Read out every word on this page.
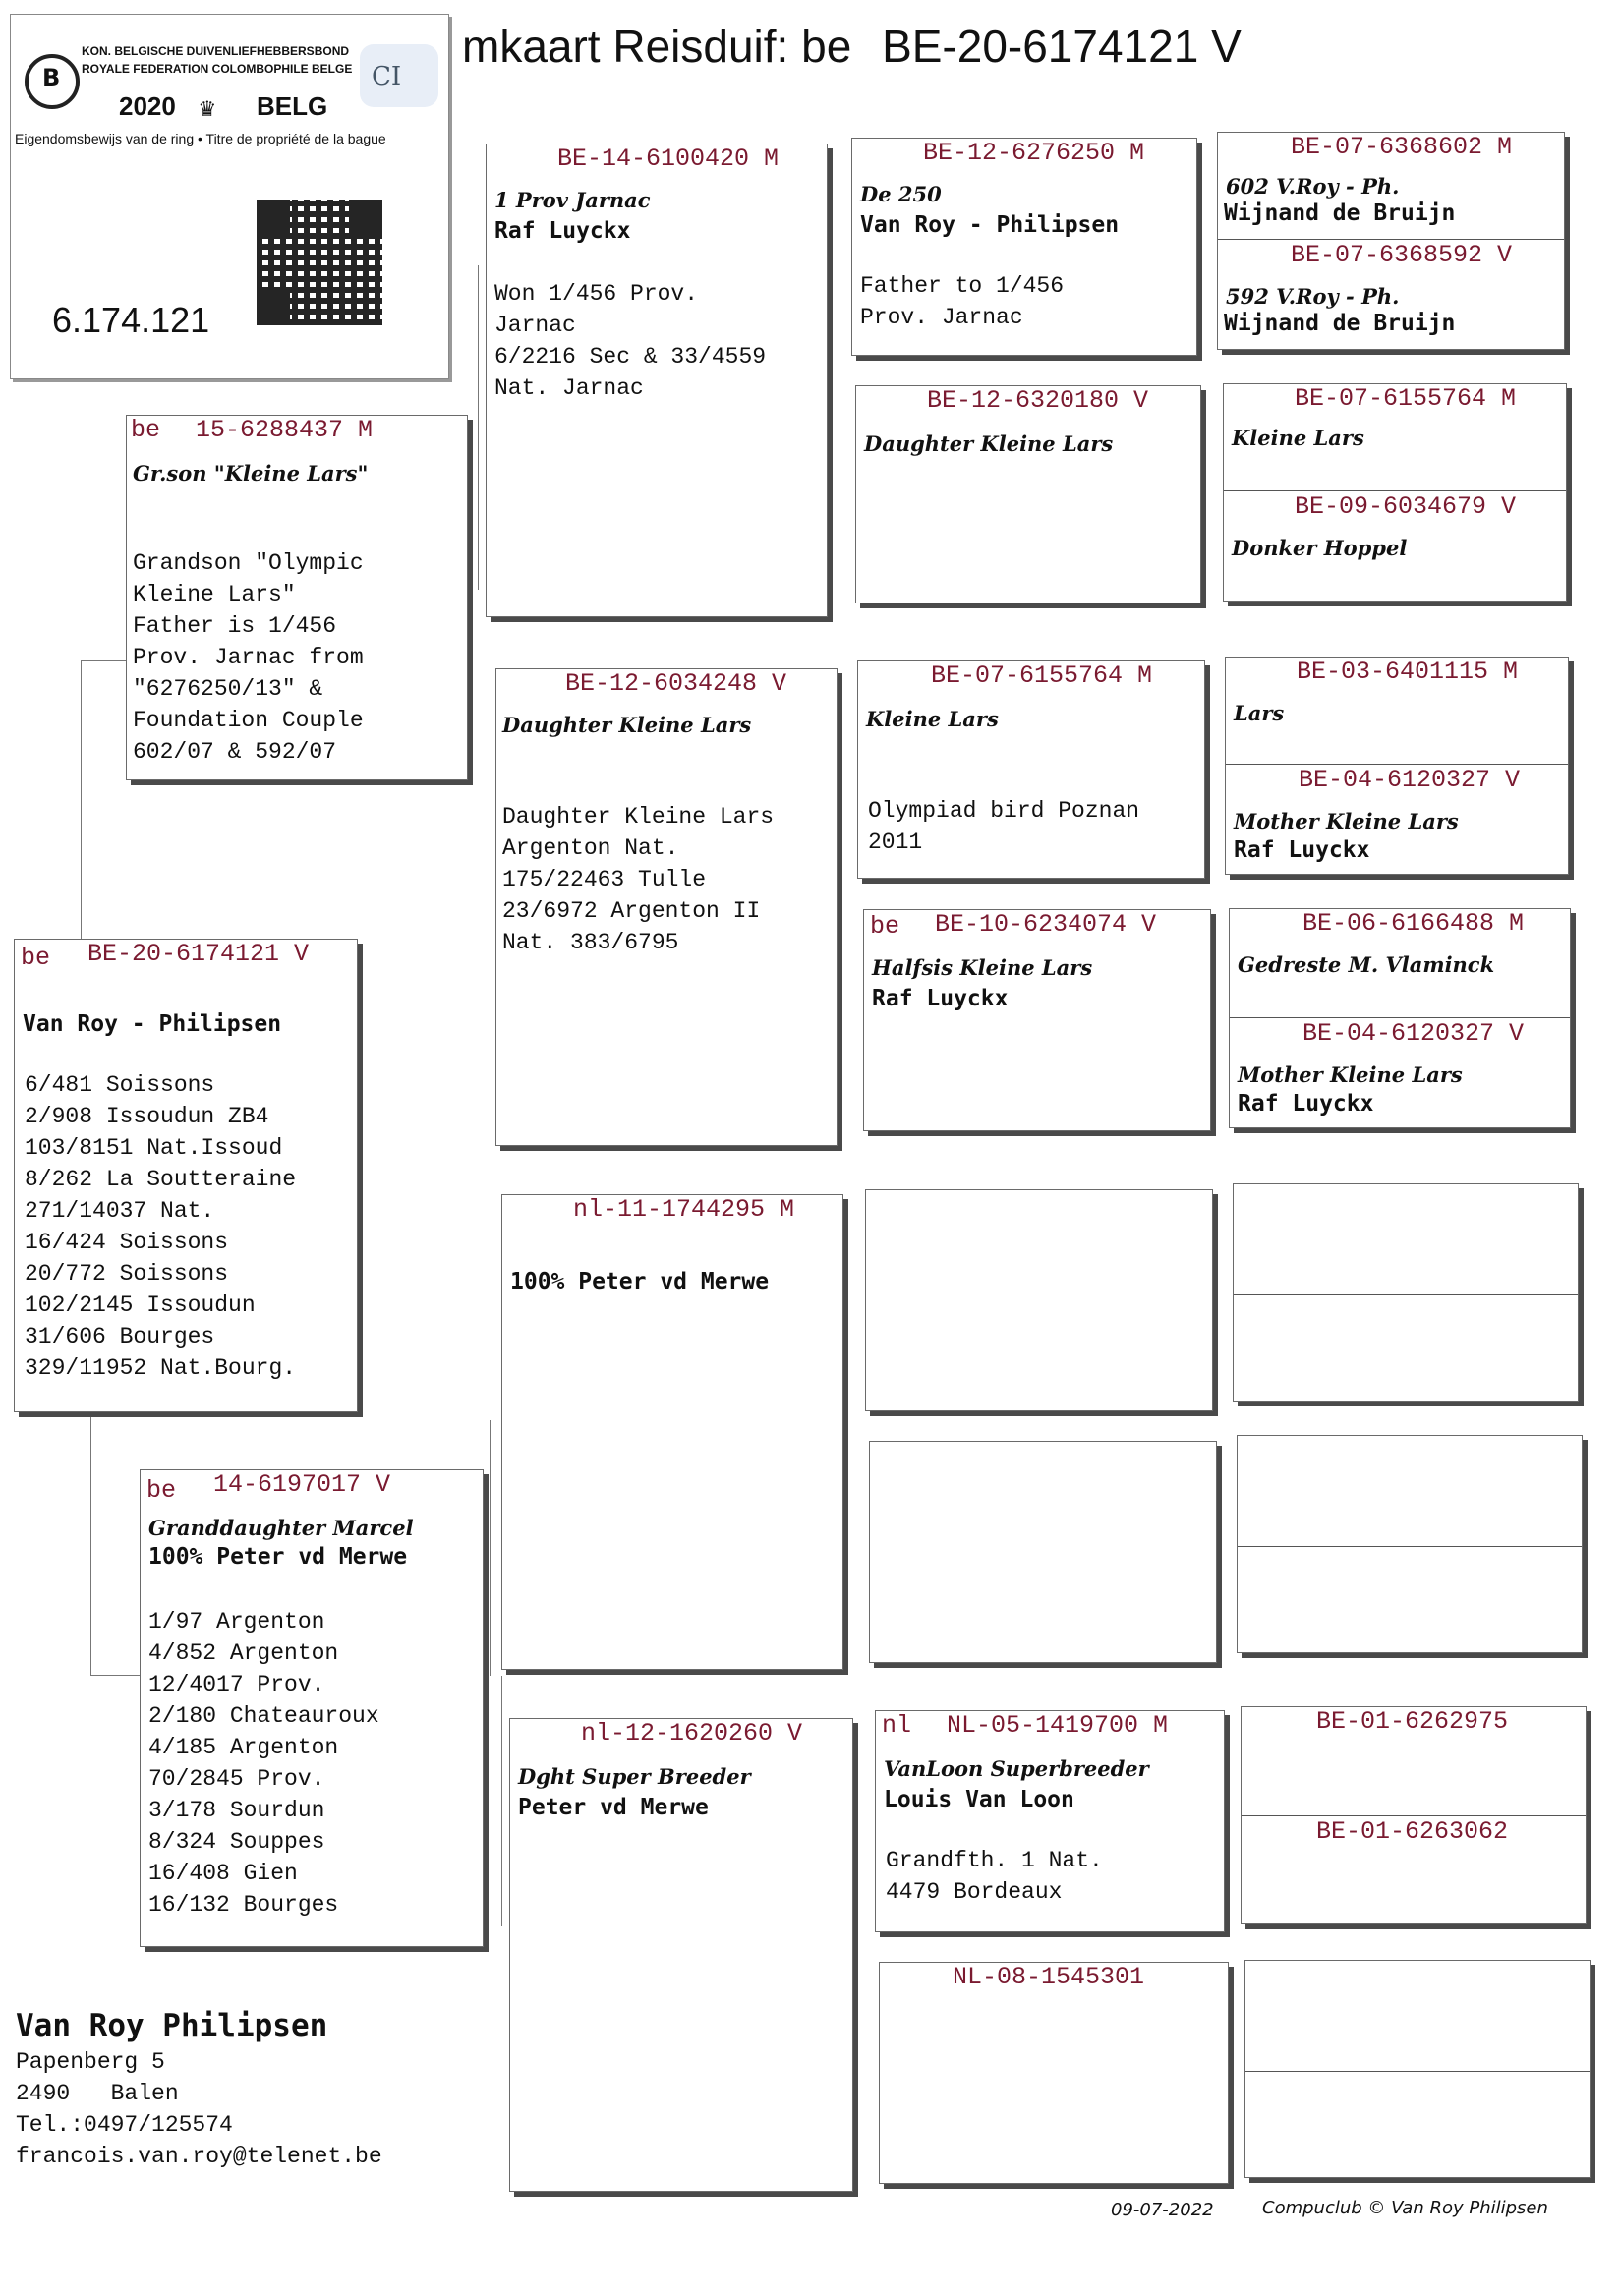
mkaart Reisduif: be BE-20-6174121 V
B
KON. BELGISCHE DUIVENLIEFHEBBERSBOND
ROYALE FEDERATION COLOMBOPHILE BELGE
2020 ♛ BELG
CI
Eigendomsbewijs van de ring • Titre de propriété de la bague
6.174.121
be BE-20-6174121 V
Van Roy - Philipsen
6/481 Soissons
2/908 Issoudun ZB4
103/8151 Nat.Issoud
8/262 La Soutteraine
271/14037 Nat.
16/424 Soissons
20/772 Soissons
102/2145 Issoudun
31/606 Bourges
329/11952 Nat.Bourg.
be 15-6288437 M
Gr.son "Kleine Lars"
Grandson "Olympic
Kleine Lars"
Father is 1/456
Prov. Jarnac from
"6276250/13" &
Foundation Couple
602/07 & 592/07
be 14-6197017 V
Granddaughter Marcel
100% Peter vd Merwe
1/97 Argenton
4/852 Argenton
12/4017 Prov.
2/180 Chateauroux
4/185 Argenton
70/2845 Prov.
3/178 Sourdun
8/324 Souppes
16/408 Gien
16/132 Bourges
BE-14-6100420 M
1 Prov Jarnac
Raf Luyckx
Won 1/456 Prov.
Jarnac
6/2216 Sec & 33/4559
Nat. Jarnac
BE-12-6034248 V
Daughter Kleine Lars
Daughter Kleine Lars
Argenton Nat.
175/22463 Tulle
23/6972 Argenton II
Nat. 383/6795
nl-11-1744295 M
100% Peter vd Merwe
nl-12-1620260 V
Dght Super Breeder
Peter vd Merwe
BE-12-6276250 M
De 250
Van Roy - Philipsen
Father to 1/456
Prov. Jarnac
BE-12-6320180 V
Daughter Kleine Lars
BE-07-6155764 M
Kleine Lars
Olympiad bird Poznan
2011
be BE-10-6234074 V
Halfsis Kleine Lars
Raf Luyckx
nl NL-05-1419700 M
VanLoon Superbreeder
Louis Van Loon
Grandfth. 1 Nat.
4479 Bordeaux
NL-08-1545301
BE-07-6368602 M
602 V.Roy - Ph.
Wijnand de Bruijn
BE-07-6368592 V
592 V.Roy - Ph.
Wijnand de Bruijn
BE-07-6155764 M
Kleine Lars
BE-09-6034679 V
Donker Hoppel
BE-03-6401115 M
Lars
BE-04-6120327 V
Mother Kleine Lars
Raf Luyckx
BE-06-6166488 M
Gedreste M. Vlaminck
BE-04-6120327 V
Mother Kleine Lars
Raf Luyckx
BE-01-6262975
BE-01-6263062
Van Roy Philipsen
Papenberg 5
2490   Balen
Tel.:0497/125574
francois.van.roy@telenet.be
09-07-2022	Compuclub © Van Roy Philipsen
